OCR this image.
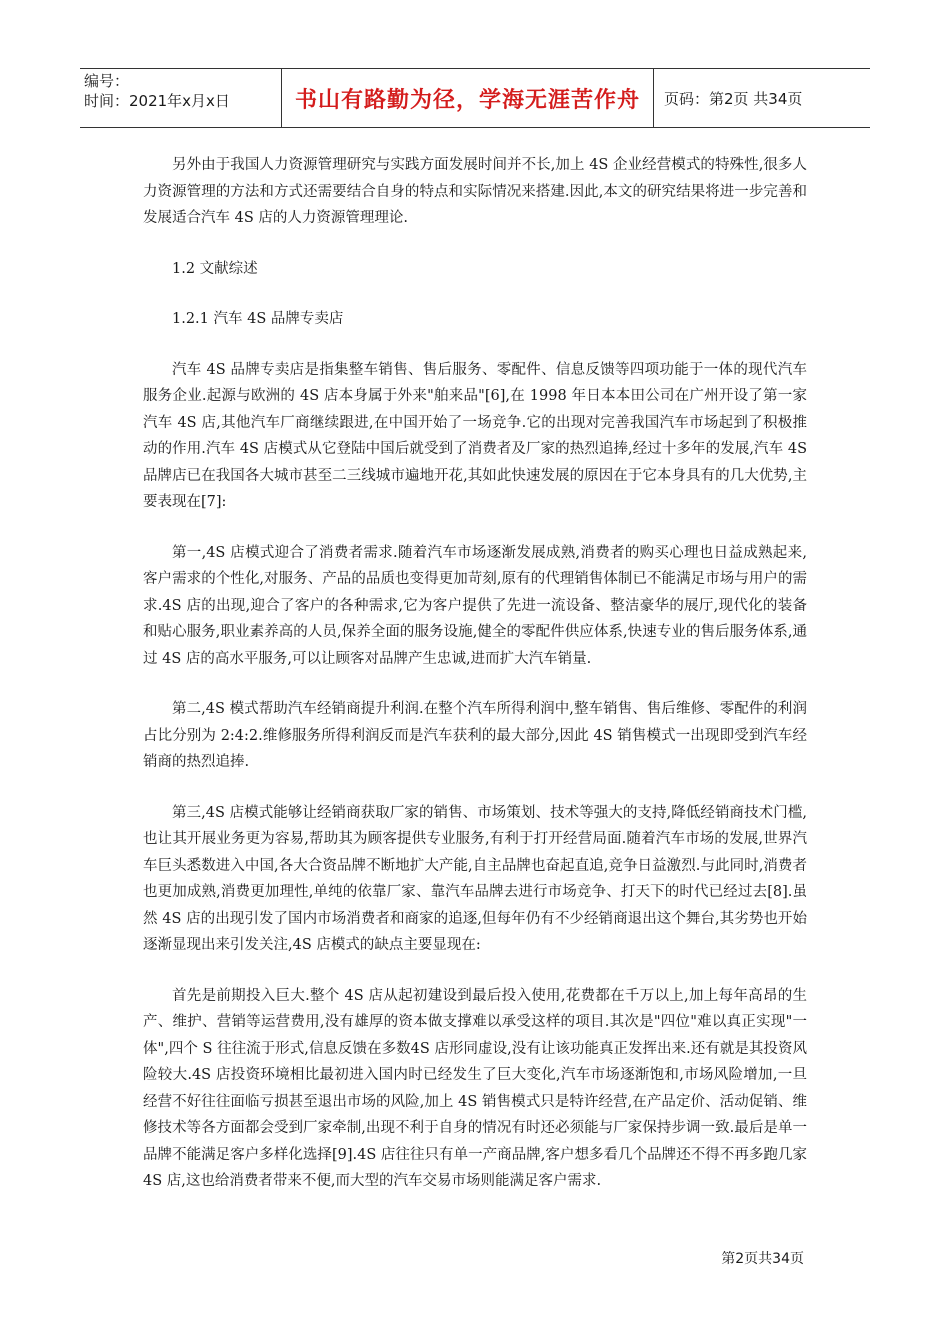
编号：
时间：2021年x月x日	书山有路勤为径，学海无涯苦作舟	页码：第2页 共34页

另外由于我国人力资源管理研究与实践方面发展时间并不长,加上 4S 企业经营模式的特殊性,很多人力资源管理的方法和方式还需要结合自身的特点和实际情况来搭建.因此,本文的研究结果将进一步完善和发展适合汽车 4S 店的人力资源管理理论.

1.2 文献综述

1.2.1 汽车 4S 品牌专卖店

汽车 4S 品牌专卖店是指集整车销售、售后服务、零配件、信息反馈等四项功能于一体的现代汽车服务企业.起源与欧洲的 4S 店本身属于外来"舶来品"[6],在 1998 年日本本田公司在广州开设了第一家汽车 4S 店,其他汽车厂商继续跟进,在中国开始了一场竞争.它的出现对完善我国汽车市场起到了积极推动的作用.汽车 4S 店模式从它登陆中国后就受到了消费者及厂家的热烈追捧,经过十多年的发展,汽车 4S 品牌店已在我国各大城市甚至二三线城市遍地开花,其如此快速发展的原因在于它本身具有的几大优势,主要表现在[7]:

第一,4S 店模式迎合了消费者需求.随着汽车市场逐渐发展成熟,消费者的购买心理也日益成熟起来,客户需求的个性化,对服务、产品的品质也变得更加苛刻,原有的代理销售体制已不能满足市场与用户的需求.4S 店的出现,迎合了客户的各种需求,它为客户提供了先进一流设备、整洁豪华的展厅,现代化的装备和贴心服务,职业素养高的人员,保养全面的服务设施,健全的零配件供应体系,快速专业的售后服务体系,通过 4S 店的高水平服务,可以让顾客对品牌产生忠诚,进而扩大汽车销量.

第二,4S 模式帮助汽车经销商提升利润.在整个汽车所得利润中,整车销售、售后维修、零配件的利润占比分别为 2:4:2.维修服务所得利润反而是汽车获利的最大部分,因此 4S 销售模式一出现即受到汽车经销商的热烈追捧.

第三,4S 店模式能够让经销商获取厂家的销售、市场策划、技术等强大的支持,降低经销商技术门槛,也让其开展业务更为容易,帮助其为顾客提供专业服务,有利于打开经营局面.随着汽车市场的发展,世界汽车巨头悉数进入中国,各大合资品牌不断地扩大产能,自主品牌也奋起直追,竞争日益激烈.与此同时,消费者也更加成熟,消费更加理性,单纯的依靠厂家、靠汽车品牌去进行市场竞争、打天下的时代已经过去[8].虽然 4S 店的出现引发了国内市场消费者和商家的追逐,但每年仍有不少经销商退出这个舞台,其劣势也开始逐渐显现出来引发关注,4S 店模式的缺点主要显现在:

首先是前期投入巨大.整个 4S 店从起初建设到最后投入使用,花费都在千万以上,加上每年高昂的生产、维护、营销等运营费用,没有雄厚的资本做支撑难以承受这样的项目.其次是"四位"难以真正实现"一体",四个 S 往往流于形式,信息反馈在多数4S 店形同虚设,没有让该功能真正发挥出来.还有就是其投资风险较大.4S 店投资环境相比最初进入国内时已经发生了巨大变化,汽车市场逐渐饱和,市场风险增加,一旦经营不好往往面临亏损甚至退出市场的风险,加上 4S 销售模式只是特许经营,在产品定价、活动促销、维修技术等各方面都会受到厂家牵制,出现不利于自身的情况有时还必须能与厂家保持步调一致.最后是单一品牌不能满足客户多样化选择[9].4S 店往往只有单一产商品牌,客户想多看几个品牌还不得不再多跑几家 4S 店,这也给消费者带来不便,而大型的汽车交易市场则能满足客户需求.

第2页共34页
